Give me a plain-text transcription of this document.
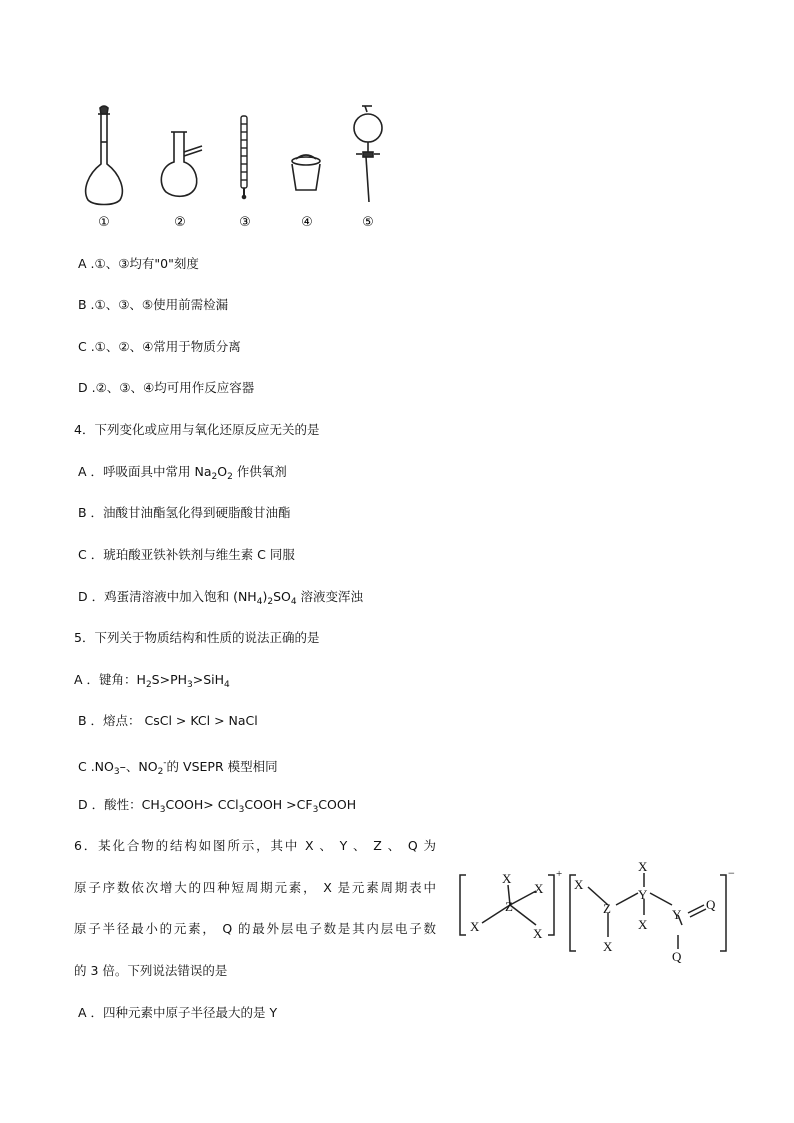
①	②	③	④	⑤
A .①、③均有"0"刻度
B .①、③、⑤使用前需检漏
C .①、②、④常用于物质分离
D .②、③、④均可用作反应容器
4．下列变化或应用与氧化还原反应无关的是
A ．呼吸面具中常用 $Na_2O_2$ 作供氧剂
B ．油酸甘油酯氢化得到硬脂酸甘油酯
C ．琥珀酸亚铁补铁剂与维生素 C 同服
D ．鸡蛋清溶液中加入饱和 $(NH_4)_2SO_4$ 溶液变浑浊
5．下列关于物质结构和性质的说法正确的是
A ．键角：$H_2S>PH_3>SiH_4$
B ．熔点： CsCl > KCl > NaCl
C $.NO_3-$、$NO_2^-$的 VSEPR 模型相同
D ．酸性：$CH_3COOH>$ CCl$_3$COOH $>CF_3COOH$
6．某化合物的结构如图所示，其中 X 、 Y 、 Z 、 Q 为
原子序数依次增大的四种短周期元素， X 是元素周期表中
原子半径最小的元素， Q 的最外层电子数是其内层电子数
的 3 倍。下列说法错误的是
A ．四种元素中原子半径最大的是 Y
X
X
Z
X	X
+
X
Z
X
X
Y
X
Y
Q
Q
−
